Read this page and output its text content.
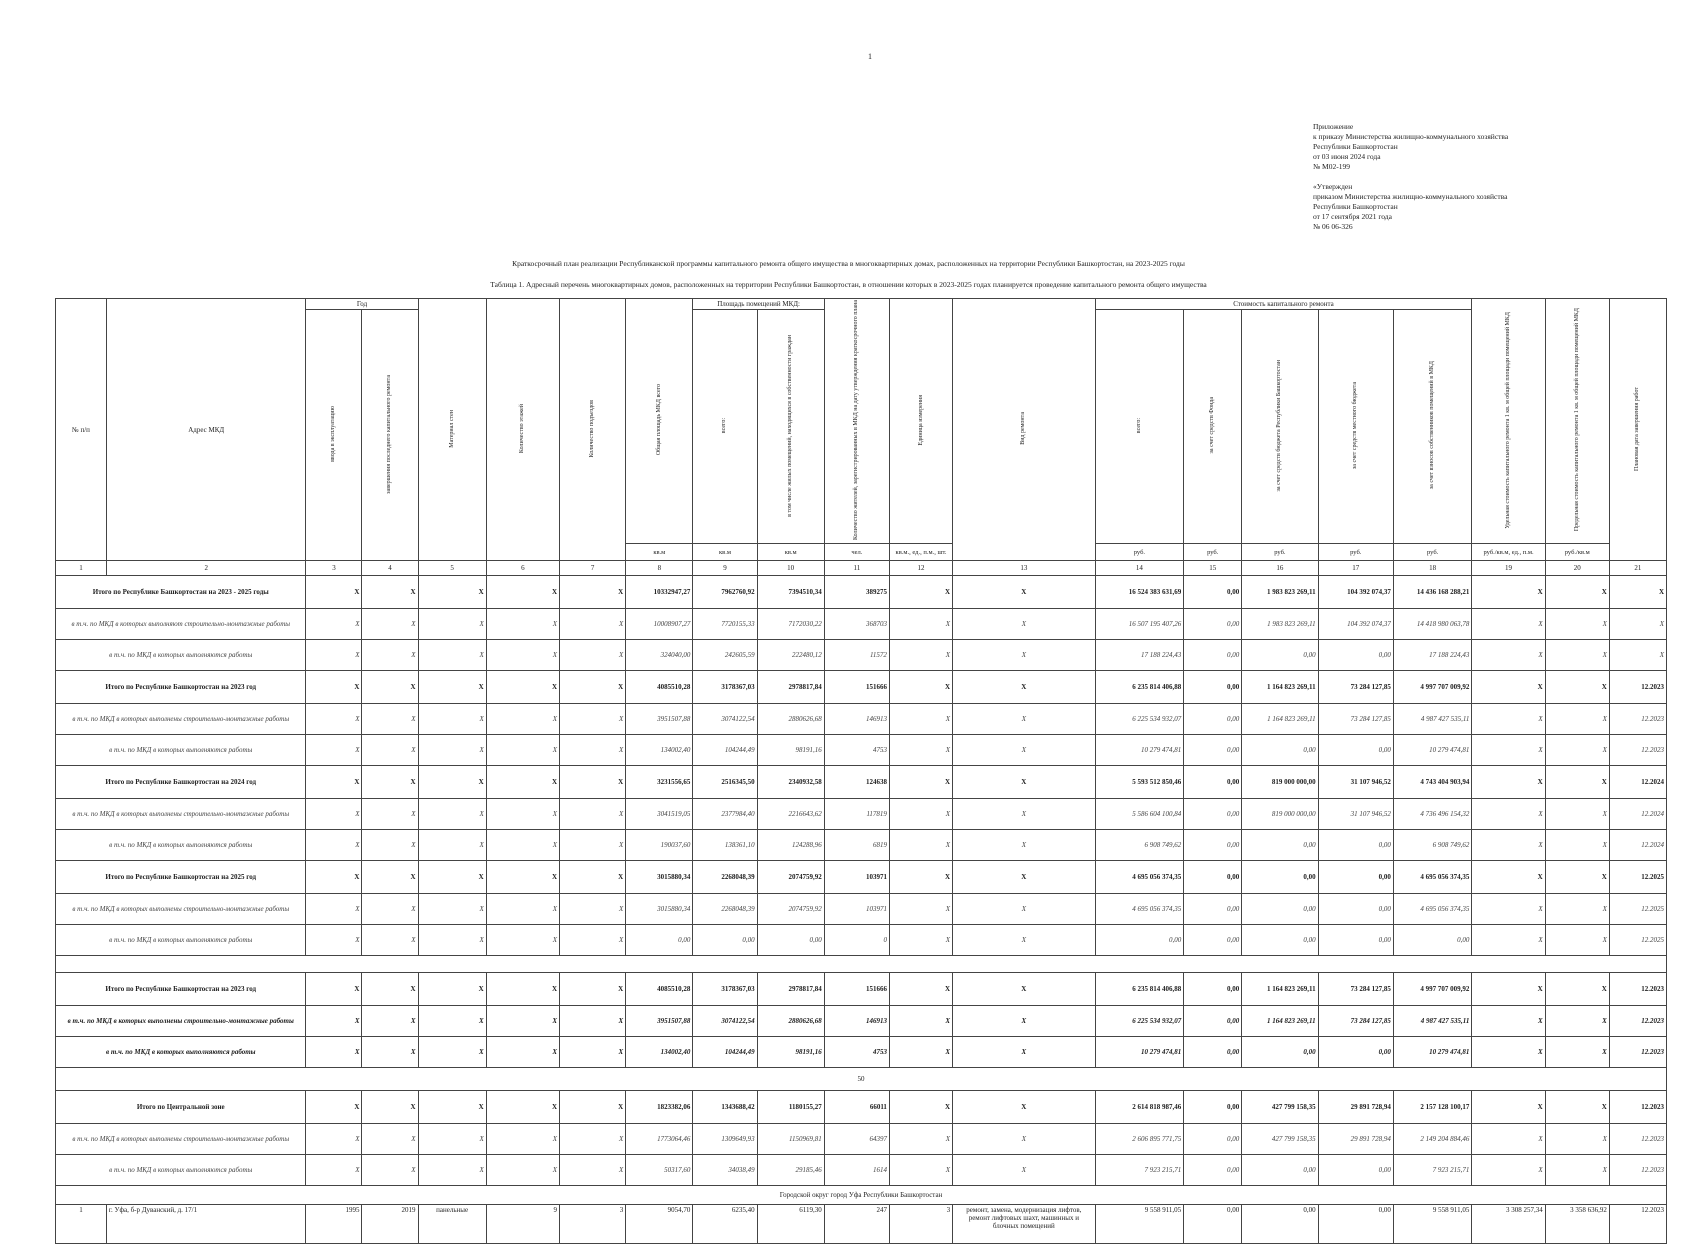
1
Приложение
к приказу Министерства жилищно-коммунального хозяйства
Республики Башкортостан
от 03 июня 2024 года
№ М02-199

«Утвержден
приказом Министерства жилищно-коммунального хозяйства
Республики Башкортостан
от 17 сентября 2021 года
№ 06 06-326
Краткосрочный план реализации Республиканской программы капитального ремонта общего имущества в многоквартирных домах, расположенных на территории Республики Башкортостан, на 2023-2025 годы
Таблица 1. Адресный перечень многоквартирных домов, расположенных на территории Республики Башкортостан, в отношении которых в 2023-2025 годах планируется проведение капитального ремонта общего имущества
№ п/п	Адрес МКД	Год		Материал стен	Количество этажей	Количество подъездов	Общая площадь МКД всего	Площадь помещений МКД:		Количество жителей, зарегистрированных в МКД на дату утверждения краткосрочного плана	Единица измерения	Вид ремонта	Стоимость капитального ремонта					Удельная стоимость капитального ремонта 1 кв. м общей площади помещений МКД	Предельная стоимость капитального ремонта 1 кв. м общей площади помещений МКД	Плановая дата завершения работ
		ввода в эксплуатацию	завершения последнего капитального ремонта					всего:	в том числе жилых помещений, находящихся в собственности граждан				всего:	за счет средств Фонда	за счет средств бюджета Республики Башкортостан	за счет средств местного бюджета	за счет взносов собственников помещений в МКД			
							кв.м	кв.м	кв.м	чел.	кв.м., ед., п.м., шт.		руб.	руб.	руб.	руб.	руб.	руб./кв.м, ед., п.м.	руб./кв.м	
1	2	3	4	5	6	7	8	9	10	11	12	13	14	15	16	17	18	19	20	21
Итого по Республике Башкортостан на 2023 - 2025 годы		X	X	X	X	X	10332947,27	7962760,92	7394510,34	389275	X	X	16 524 383 631,69	0,00	1 983 823 269,11	104 392 074,37	14 436 168 288,21	X	X	X
в т.ч. по МКД в которых выполняют строительно-монтажные работы		X	X	X	X	X	10008907,27	7720155,33	7172030,22	368703	X	X	16 507 195 407,26	0,00	1 983 823 269,11	104 392 074,37	14 418 980 063,78	X	X	X
в т.ч. по МКД в которых выполняются работы		X	X	X	X	X	324040,00	242605,59	222480,12	11572	X	X	17 188 224,43	0,00	0,00	0,00	17 188 224,43	X	X	X
Итого по Республике Башкортостан на 2023 год		X	X	X	X	X	4085510,28	3178367,03	2978817,84	151666	X	X	6 235 814 406,88	0,00	1 164 823 269,11	73 284 127,85	4 997 707 009,92	X	X	12.2023
в т.ч. по МКД в которых выполнены строительно-монтажные работы		X	X	X	X	X	3951507,88	3074122,54	2880626,68	146913	X	X	6 225 534 932,07	0,00	1 164 823 269,11	73 284 127,85	4 987 427 535,11	X	X	12.2023
в т.ч. по МКД в которых выполняются работы		X	X	X	X	X	134002,40	104244,49	98191,16	4753	X	X	10 279 474,81	0,00	0,00	0,00	10 279 474,81	X	X	12.2023
Итого по Республике Башкортостан на 2024 год		X	X	X	X	X	3231556,65	2516345,50	2340932,58	124638	X	X	5 593 512 850,46	0,00	819 000 000,00	31 107 946,52	4 743 404 903,94	X	X	12.2024
в т.ч. по МКД в которых выполнены строительно-монтажные работы		X	X	X	X	X	3041519,05	2377984,40	2216643,62	117819	X	X	5 586 604 100,84	0,00	819 000 000,00	31 107 946,52	4 736 496 154,32	X	X	12.2024
в т.ч. по МКД в которых выполняются работы		X	X	X	X	X	190037,60	138361,10	124288,96	6819	X	X	6 908 749,62	0,00	0,00	0,00	6 908 749,62	X	X	12.2024
Итого по Республике Башкортостан на 2025 год		X	X	X	X	X	3015880,34	2268048,39	2074759,92	103971	X	X	4 695 056 374,35	0,00	0,00	0,00	4 695 056 374,35	X	X	12.2025
в т.ч. по МКД в которых выполнены строительно-монтажные работы		X	X	X	X	X	3015880,34	2268048,39	2074759,92	103971	X	X	4 695 056 374,35	0,00	0,00	0,00	4 695 056 374,35	X	X	12.2025
в т.ч. по МКД в которых выполняются работы		X	X	X	X	X	0,00	0,00	0,00	0	X	X	0,00	0,00	0,00	0,00	0,00	X	X	12.2025

Итого по Республике Башкортостан на 2023 год		X	X	X	X	X	4085510,28	3178367,03	2978817,84	151666	X	X	6 235 814 406,88	0,00	1 164 823 269,11	73 284 127,85	4 997 707 009,92	X	X	12.2023
в т.ч. по МКД в которых выполнены строительно-монтажные работы		X	X	X	X	X	3951507,88	3074122,54	2880626,68	146913	X	X	6 225 534 932,07	0,00	1 164 823 269,11	73 284 127,85	4 987 427 535,11	X	X	12.2023
в т.ч. по МКД в которых выполняются работы		X	X	X	X	X	134002,40	104244,49	98191,16	4753	X	X	10 279 474,81	0,00	0,00	0,00	10 279 474,81	X	X	12.2023
50																				
Итого по Центральной зоне		X	X	X	X	X	1823382,06	1343688,42	1180155,27	66011	X	X	2 614 818 987,46	0,00	427 799 158,35	29 891 728,94	2 157 128 100,17	X	X	12.2023
в т.ч. по МКД в которых выполнены строительно-монтажные работы		X	X	X	X	X	1773064,46	1309649,93	1150969,81	64397	X	X	2 606 895 771,75	0,00	427 799 158,35	29 891 728,94	2 149 204 884,46	X	X	12.2023
в т.ч. по МКД в которых выполняются работы		X	X	X	X	X	50317,60	34038,49	29185,46	1614	X	X	7 923 215,71	0,00	0,00	0,00	7 923 215,71	X	X	12.2023
Городской округ город Уфа Республики Башкортостан																				
1	г. Уфа, б-р Дуванский, д. 17/1	1995	2019	панельные	9	3	9054,70	6235,40	6119,30	247	3	ремонт, замена, модернизация лифтов, ремонт лифтовых шахт, машинных и блочных помещений	9 558 911,05	0,00	0,00	0,00	9 558 911,05	3 308 257,34	3 358 636,92	12.2023
